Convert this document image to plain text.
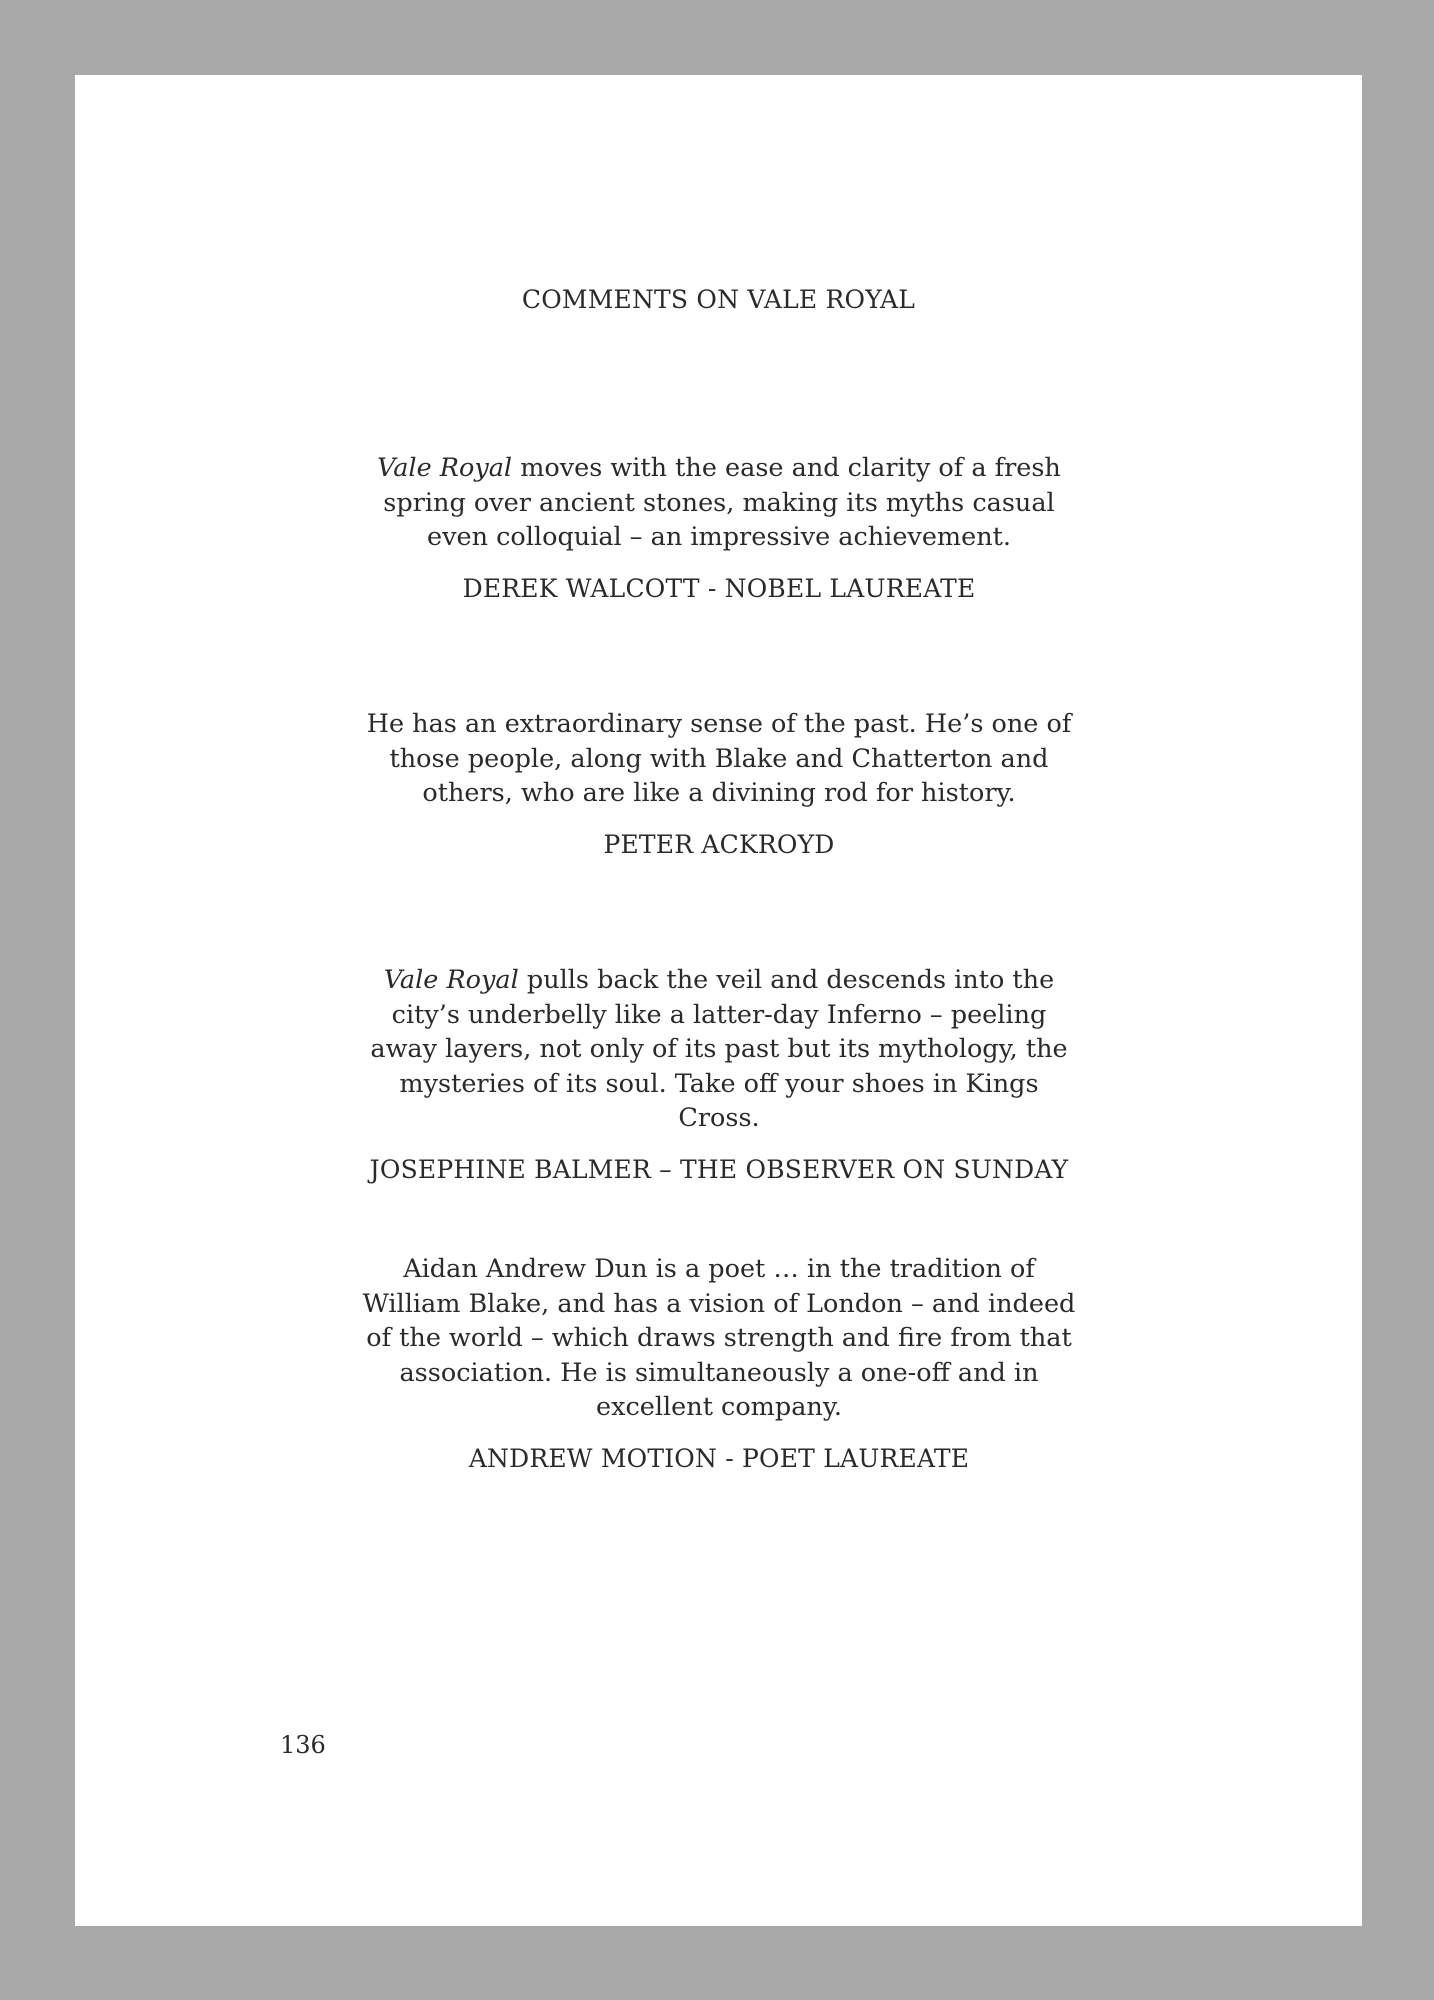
COMMENTS ON VALE ROYAL

Vale Royal moves with the ease and clarity of a fresh spring over ancient stones, making its myths casual even colloquial – an impressive achievement.

DEREK WALCOTT - NOBEL LAUREATE

He has an extraordinary sense of the past. He’s one of those people, along with Blake and Chatterton and others, who are like a divining rod for history.

PETER ACKROYD

Vale Royal pulls back the veil and descends into the city’s underbelly like a latter-day Inferno – peeling away layers, not only of its past but its mythology, the mysteries of its soul. Take off your shoes in Kings Cross.

JOSEPHINE BALMER – THE OBSERVER ON SUNDAY

Aidan Andrew Dun is a poet … in the tradition of William Blake, and has a vision of London – and indeed of the world – which draws strength and fire from that association. He is simultaneously a one-off and in excellent company.

ANDREW MOTION - POET LAUREATE
136
